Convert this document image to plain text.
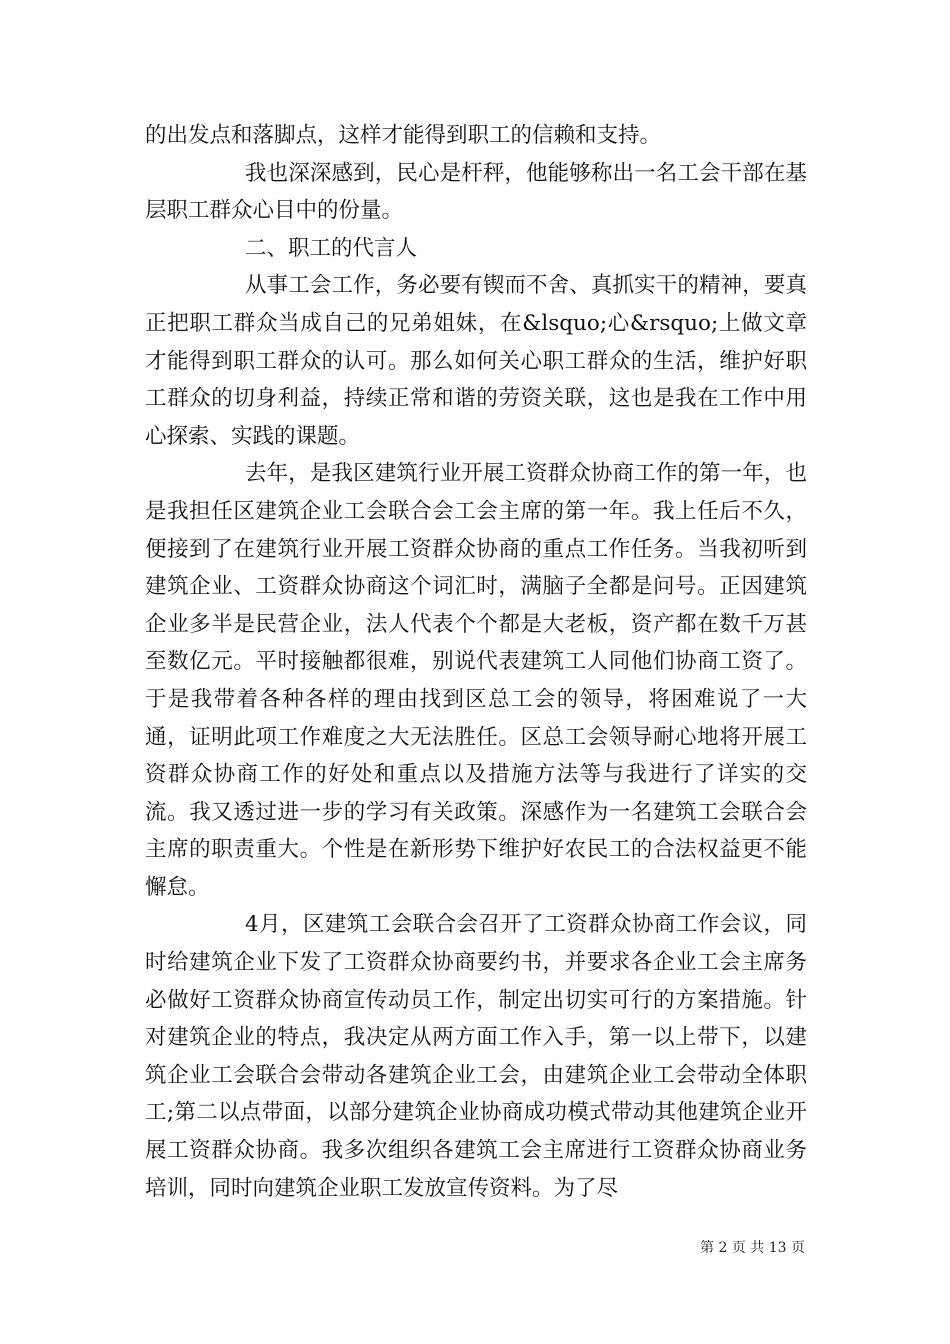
的出发点和落脚点，这样才能得到职工的信赖和支持。

我也深深感到，民心是杆秤，他能够称出一名工会干部在基层职工群众心目中的份量。

二、职工的代言人

从事工会工作，务必要有锲而不舍、真抓实干的精神，要真正把职工群众当成自己的兄弟姐妹，在&lsquo;心&rsquo;上做文章才能得到职工群众的认可。那么如何关心职工群众的生活，维护好职工群众的切身利益，持续正常和谐的劳资关联，这也是我在工作中用心探索、实践的课题。

去年，是我区建筑行业开展工资群众协商工作的第一年，也是我担任区建筑企业工会联合会工会主席的第一年。我上任后不久，便接到了在建筑行业开展工资群众协商的重点工作任务。当我初听到建筑企业、工资群众协商这个词汇时，满脑子全都是问号。正因建筑企业多半是民营企业，法人代表个个都是大老板，资产都在数千万甚至数亿元。平时接触都很难，别说代表建筑工人同他们协商工资了。于是我带着各种各样的理由找到区总工会的领导，将困难说了一大通，证明此项工作难度之大无法胜任。区总工会领导耐心地将开展工资群众协商工作的好处和重点以及措施方法等与我进行了详实的交流。我又透过进一步的学习有关政策。深感作为一名建筑工会联合会主席的职责重大。个性是在新形势下维护好农民工的合法权益更不能懈怠。

4月，区建筑工会联合会召开了工资群众协商工作会议，同时给建筑企业下发了工资群众协商要约书，并要求各企业工会主席务必做好工资群众协商宣传动员工作，制定出切实可行的方案措施。针对建筑企业的特点，我决定从两方面工作入手，第一以上带下，以建筑企业工会联合会带动各建筑企业工会，由建筑企业工会带动全体职工;第二以点带面，以部分建筑企业协商成功模式带动其他建筑企业开展工资群众协商。我多次组织各建筑工会主席进行工资群众协商业务培训，同时向建筑企业职工发放宣传资料。为了尽

第 2 页 共 13 页
